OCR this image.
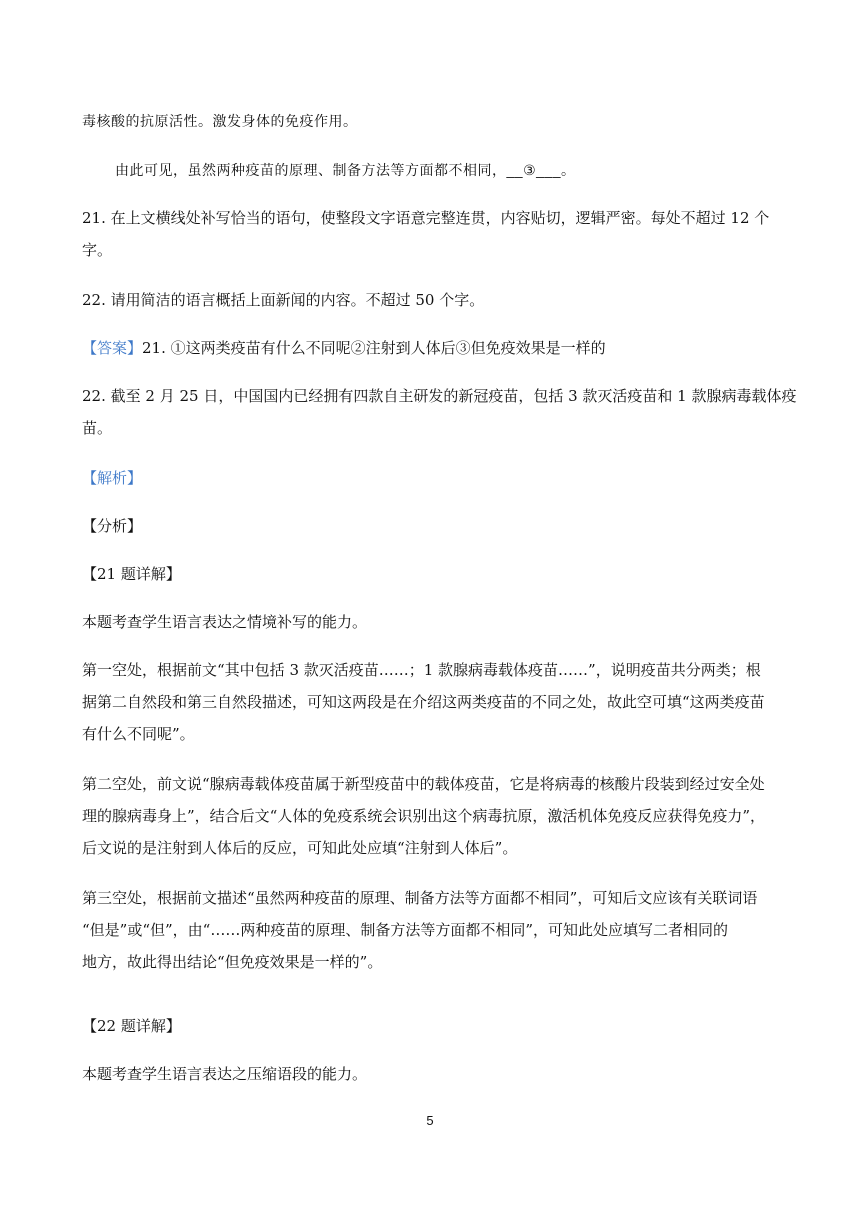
毒核酸的抗原活性。激发身体的免疫作用。
由此可见，虽然两种疫苗的原理、制备方法等方面都不相同，__③___。
21. 在上文横线处补写恰当的语句，使整段文字语意完整连贯，内容贴切，逻辑严密。每处不超过 12 个
字。
22. 请用简洁的语言概括上面新闻的内容。不超过 50 个字。
【答案】21. ①这两类疫苗有什么不同呢②注射到人体后③但免疫效果是一样的
22. 截至 2 月 25 日，中国国内已经拥有四款自主研发的新冠疫苗，包括 3 款灭活疫苗和 1 款腺病毒载体疫
苗。
【解析】
【分析】
【21 题详解】
本题考查学生语言表达之情境补写的能力。
第一空处，根据前文“其中包括 3 款灭活疫苗……；1 款腺病毒载体疫苗……”，说明疫苗共分两类；根
据第二自然段和第三自然段描述，可知这两段是在介绍这两类疫苗的不同之处，故此空可填“这两类疫苗
有什么不同呢”。
第二空处，前文说“腺病毒载体疫苗属于新型疫苗中的载体疫苗，它是将病毒的核酸片段装到经过安全处
理的腺病毒身上”，结合后文“人体的免疫系统会识别出这个病毒抗原，激活机体免疫反应获得免疫力”，
后文说的是注射到人体后的反应，可知此处应填“注射到人体后”。
第三空处，根据前文描述“虽然两种疫苗的原理、制备方法等方面都不相同”，可知后文应该有关联词语
“但是”或“但”，由“……两种疫苗的原理、制备方法等方面都不相同”，可知此处应填写二者相同的
地方，故此得出结论“但免疫效果是一样的”。
【22 题详解】
本题考查学生语言表达之压缩语段的能力。
5
